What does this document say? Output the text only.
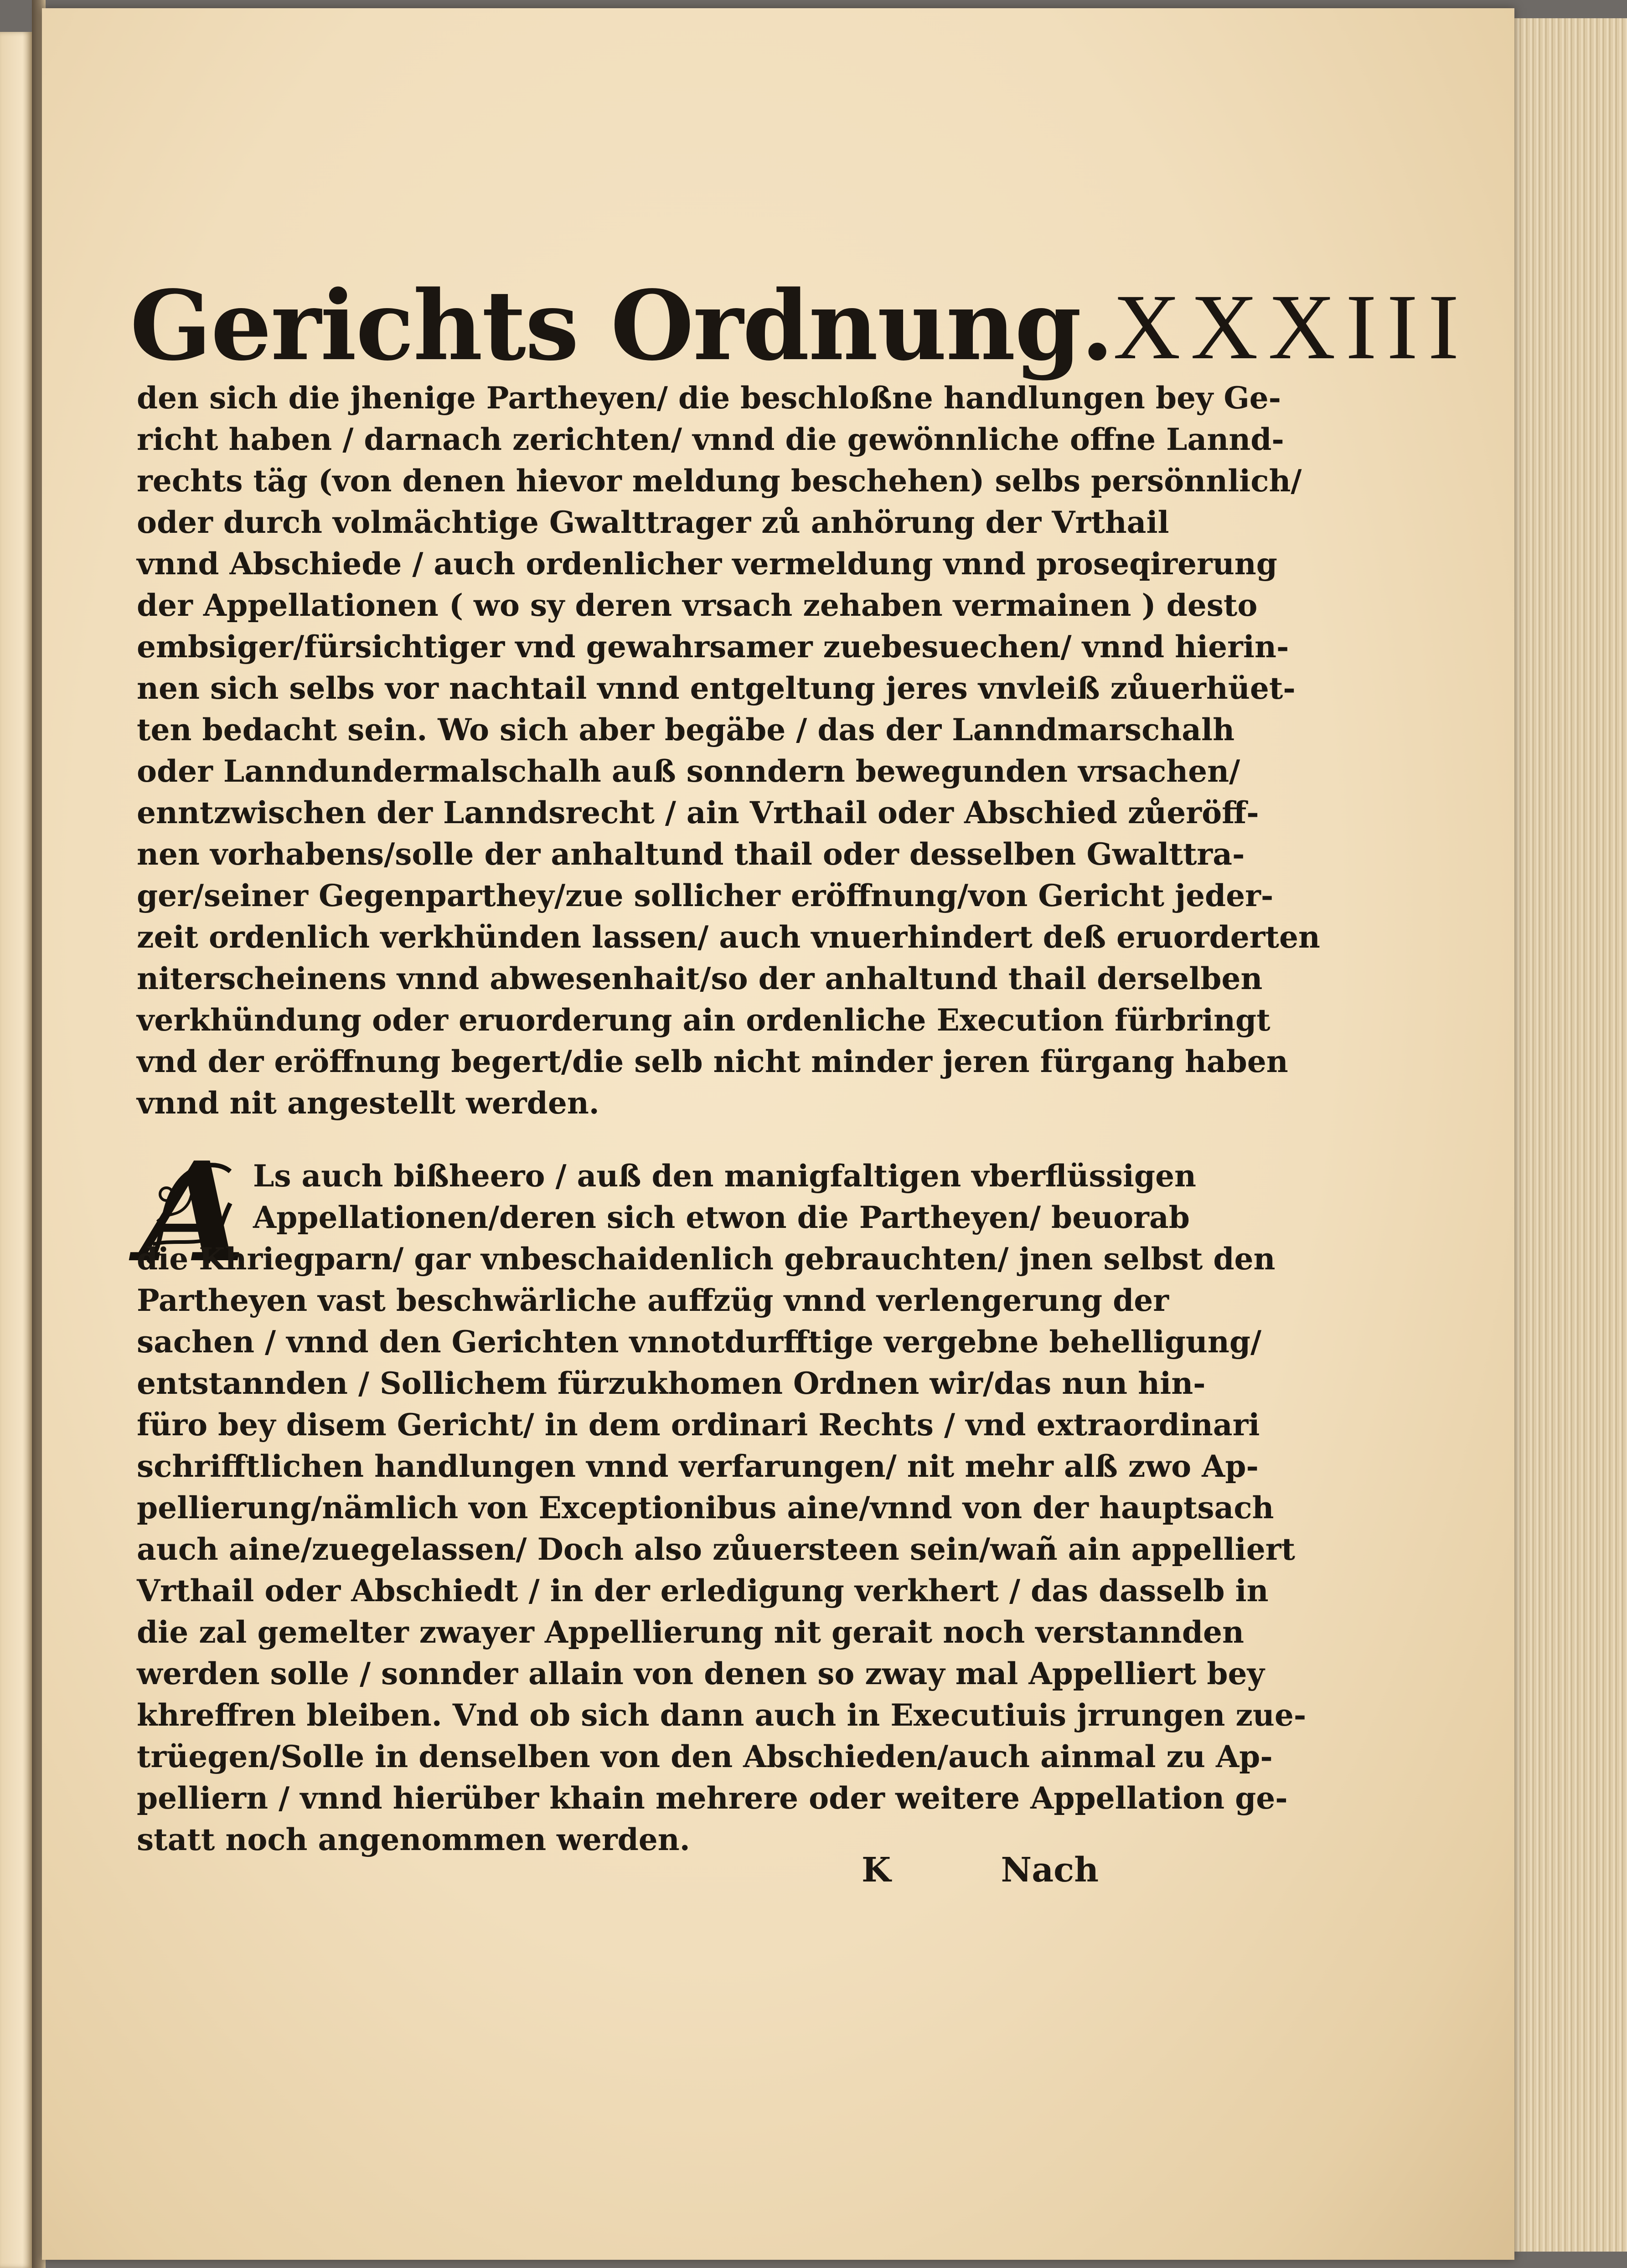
Gerichts Ordnung. XXXIII
den sich die jhenige Partheyen/ die beschloßne handlungen bey Ge-
richt haben / darnach zerichten/ vnnd die gewönnliche offne Lannd-
rechts täg (von denen hievor meldung beschehen) selbs persönnlich/
oder durch volmächtige Gwalttrager zů anhörung der Vrthail
vnnd Abschiede / auch ordenlicher vermeldung vnnd proseqirerung
der Appellationen ( wo sy deren vrsach zehaben vermainen ) desto
embsiger/fürsichtiger vnd gewahrsamer zuebesuechen/ vnnd hierin-
nen sich selbs vor nachtail vnnd entgeltung jeres vnvleiß zůuerhüet-
ten bedacht sein. Wo sich aber begäbe / das der Lanndmarschalh
oder Lanndundermalschalh auß sonndern bewegunden vrsachen/
enntzwischen der Lanndsrecht / ain Vrthail oder Abschied zůeröff-
nen vorhabens/solle der anhaltund thail oder desselben Gwalttra-
ger/seiner Gegenparthey/zue sollicher eröffnung/von Gericht jeder-
zeit ordenlich verkhünden lassen/ auch vnuerhindert deß eruorderten
niterscheinens vnnd abwesenhait/so der anhaltund thail derselben
verkhündung oder eruorderung ain ordenliche Execution fürbringt
vnd der eröffnung begert/die selb nicht minder jeren fürgang haben
vnnd nit angestellt werden.
A Ls auch bißheero / auß den manigfaltigen vberflüssigen
Appellationen/deren sich etwon die Partheyen/ beuorab
die Khriegparn/ gar vnbeschaidenlich gebrauchten/ jnen selbst den
Partheyen vast beschwärliche auffzüg vnnd verlengerung der
sachen / vnnd den Gerichten vnnotdurfftige vergebne behelligung/
entstannden / Sollichem fürzukhomen Ordnen wir/das nun hin-
füro bey disem Gericht/ in dem ordinari Rechts / vnd extraordinari
schrifftlichen handlungen vnnd verfarungen/ nit mehr alß zwo Ap-
pellierung/nämlich von Exceptionibus aine/vnnd von der hauptsach
auch aine/zuegelassen/ Doch also zůuersteen sein/wañ ain appelliert
Vrthail oder Abschiedt / in der erledigung verkhert / das dasselb in
die zal gemelter zwayer Appellierung nit gerait noch verstannden
werden solle / sonnder allain von denen so zway mal Appelliert bey
khreffren bleiben. Vnd ob sich dann auch in Executiuis jrrungen zue-
trüegen/Solle in denselben von den Abschieden/auch ainmal zu Ap-
pelliern / vnnd hierüber khain mehrere oder weitere Appellation ge-
statt noch angenommen werden.
K	Nach
